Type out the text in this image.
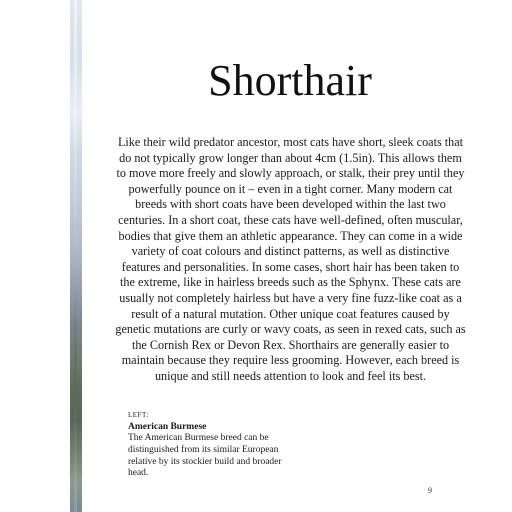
Shorthair

Like their wild predator ancestor, most cats have short, sleek coats that do not typically grow longer than about 4cm (1.5in). This allows them to move more freely and slowly approach, or stalk, their prey until they powerfully pounce on it – even in a tight corner. Many modern cat breeds with short coats have been developed within the last two centuries. In a short coat, these cats have well-defined, often muscular, bodies that give them an athletic appearance. They can come in a wide variety of coat colours and distinct patterns, as well as distinctive features and personalities. In some cases, short hair has been taken to the extreme, like in hairless breeds such as the Sphynx. These cats are usually not completely hairless but have a very fine fuzz-like coat as a result of a natural mutation. Other unique coat features caused by genetic mutations are curly or wavy coats, as seen in rexed cats, such as the Cornish Rex or Devon Rex. Shorthairs are generally easier to maintain because they require less grooming. However, each breed is unique and still needs attention to look and feel its best.

LEFT:

American Burmese

The American Burmese breed can be distinguished from its similar European relative by its stockier build and broader head.

9
